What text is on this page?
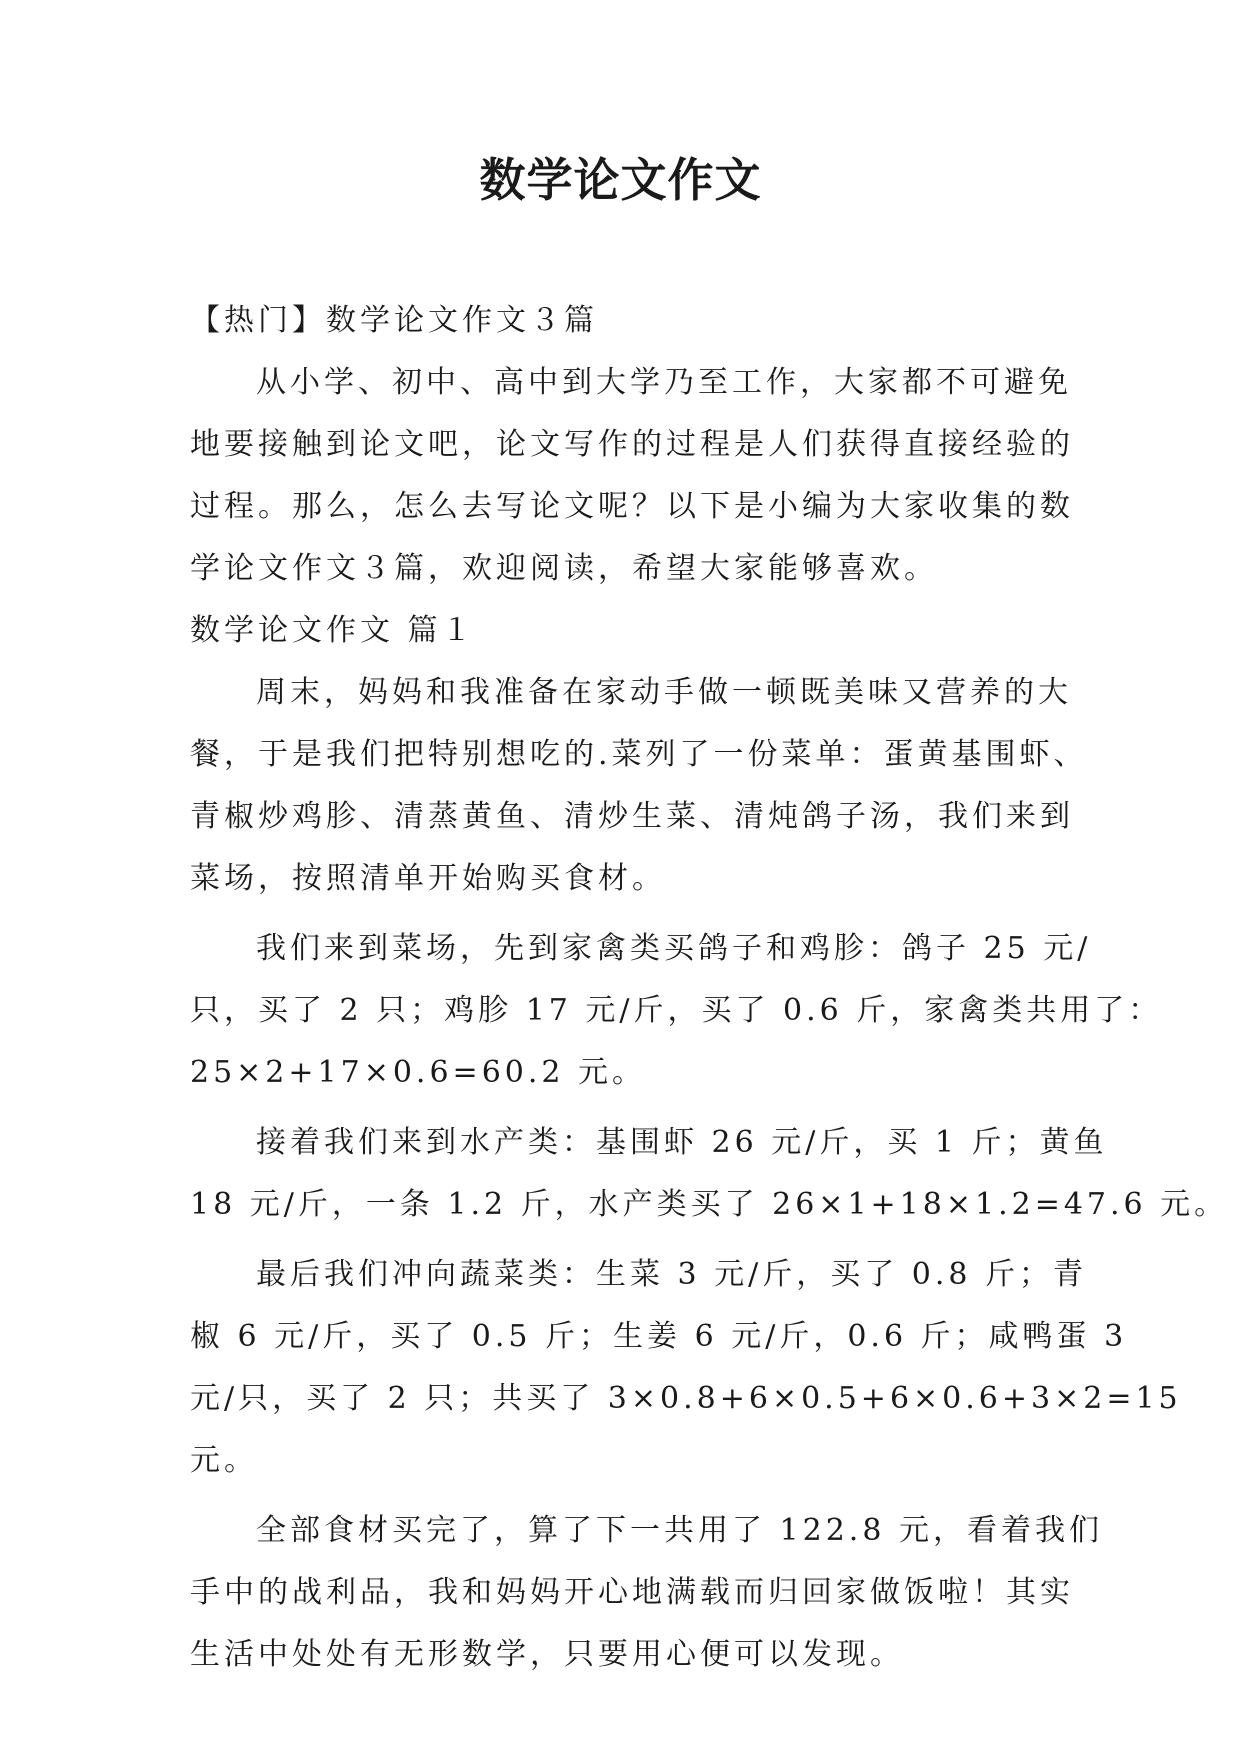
数学论文作文
【热门】数学论文作文３篇
从小学、初中、高中到大学乃至工作，大家都不可避免
地要接触到论文吧，论文写作的过程是人们获得直接经验的
过程。那么，怎么去写论文呢？以下是小编为大家收集的数
学论文作文３篇，欢迎阅读，希望大家能够喜欢。
数学论文作文 篇１
周末，妈妈和我准备在家动手做一顿既美味又营养的大
餐，于是我们把特别想吃的.菜列了一份菜单：蛋黄基围虾、
青椒炒鸡胗、清蒸黄鱼、清炒生菜、清炖鸽子汤，我们来到
菜场，按照清单开始购买食材。
我们来到菜场，先到家禽类买鸽子和鸡胗：鸽子 25 元/
只，买了 2 只；鸡胗 17 元/斤，买了 0.6 斤，家禽类共用了：
25×2+17×0.6=60.2 元。
接着我们来到水产类：基围虾 26 元/斤，买 1 斤；黄鱼
18 元/斤，一条 1.2 斤，水产类买了 26×1+18×1.2=47.6 元。
最后我们冲向蔬菜类：生菜 3 元/斤，买了 0.8 斤；青
椒 6 元/斤，买了 0.5 斤；生姜 6 元/斤，0.6 斤；咸鸭蛋 3
元/只，买了 2 只；共买了 3×0.8+6×0.5+6×0.6+3×2=15
元。
全部食材买完了，算了下一共用了 122.8 元，看着我们
手中的战利品，我和妈妈开心地满载而归回家做饭啦！其实
生活中处处有无形数学，只要用心便可以发现。
